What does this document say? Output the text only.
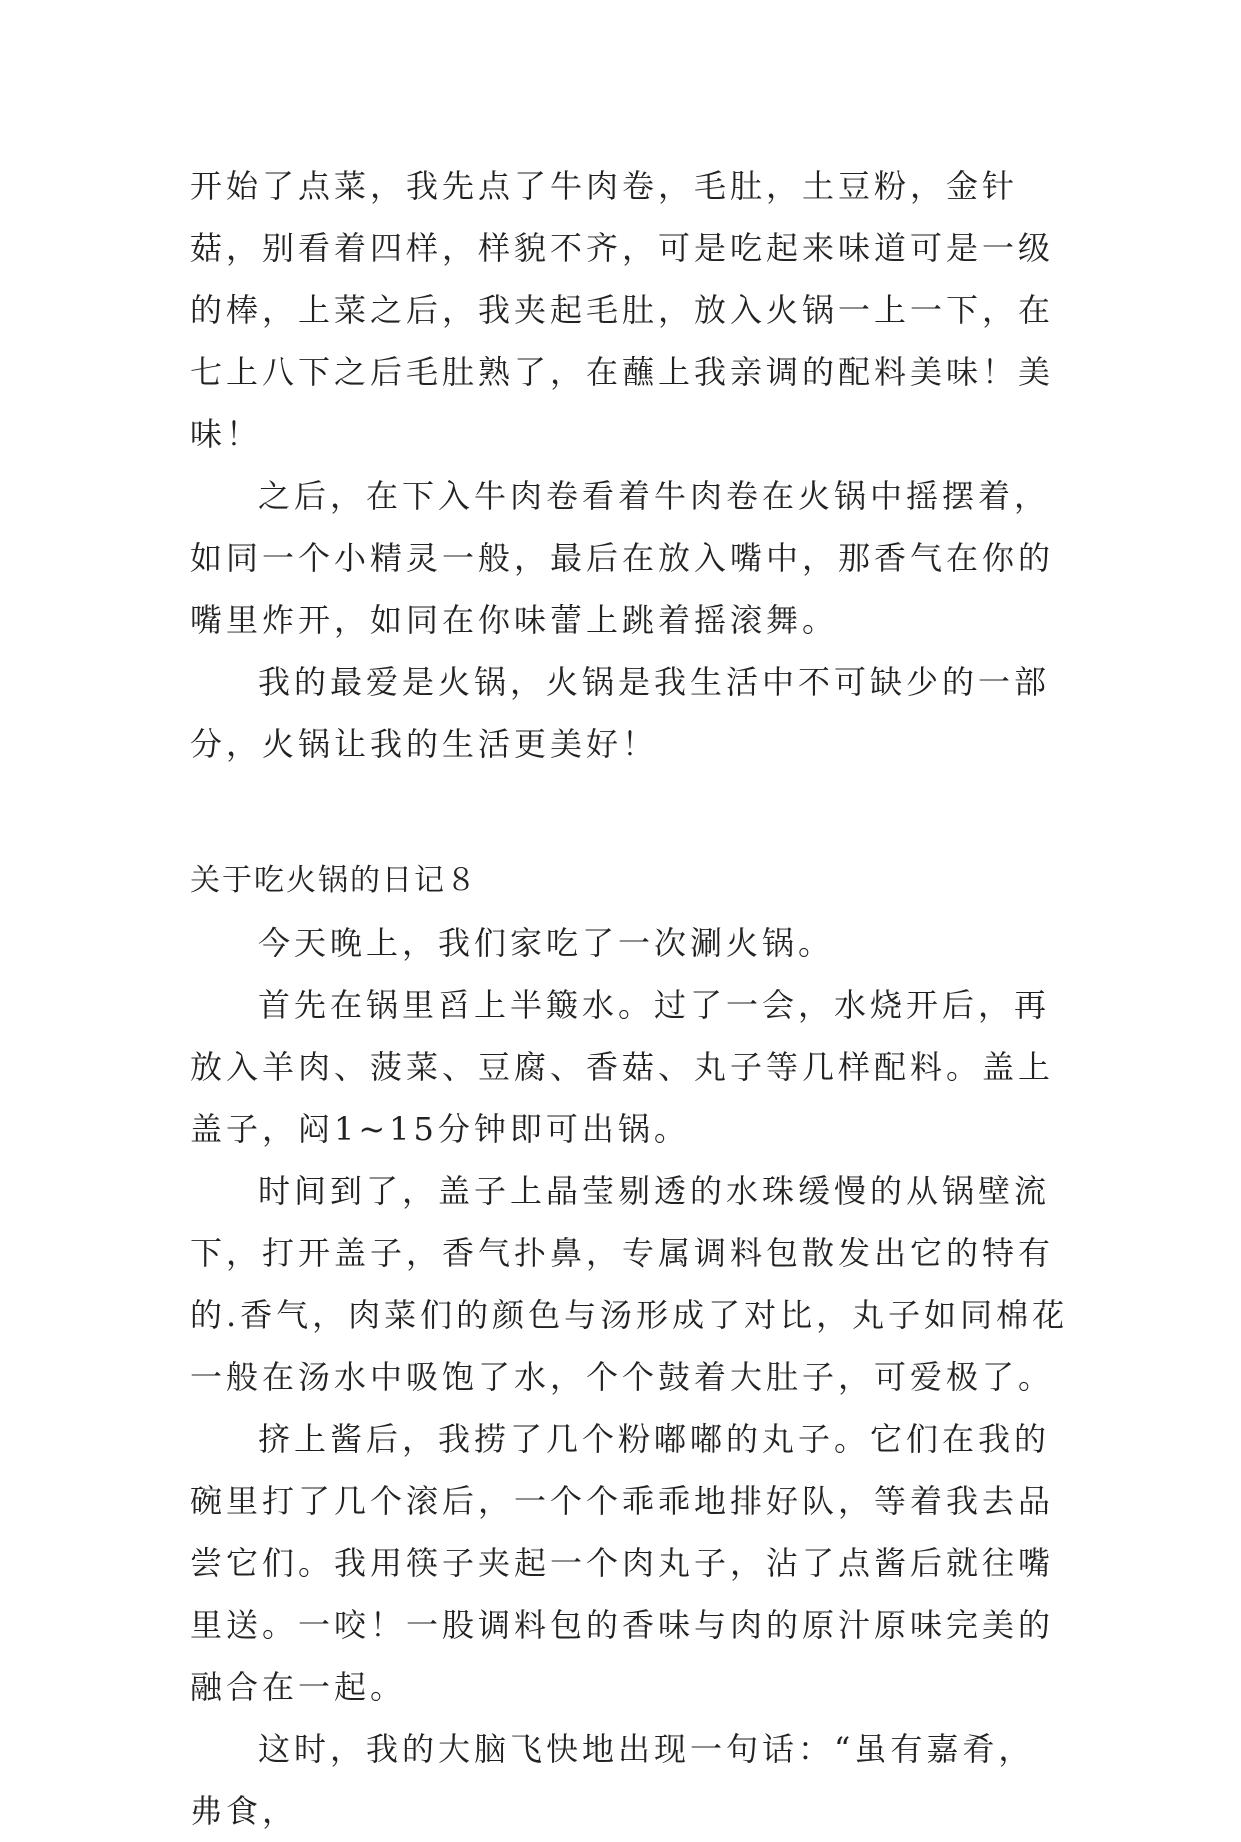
开始了点菜，我先点了牛肉卷，毛肚，土豆粉，金针菇，别看着四样，样貌不齐，可是吃起来味道可是一级的棒，上菜之后，我夹起毛肚，放入火锅一上一下，在七上八下之后毛肚熟了，在蘸上我亲调的配料美味！美味！

之后，在下入牛肉卷看着牛肉卷在火锅中摇摆着，如同一个小精灵一般，最后在放入嘴中，那香气在你的嘴里炸开，如同在你味蕾上跳着摇滚舞。

我的最爱是火锅，火锅是我生活中不可缺少的一部分，火锅让我的生活更美好！

关于吃火锅的日记８

今天晚上，我们家吃了一次涮火锅。

首先在锅里舀上半簸水。过了一会，水烧开后，再放入羊肉、菠菜、豆腐、香菇、丸子等几样配料。盖上盖子，闷1~15分钟即可出锅。

时间到了，盖子上晶莹剔透的水珠缓慢的从锅壁流下，打开盖子，香气扑鼻，专属调料包散发出它的特有的.香气，肉菜们的颜色与汤形成了对比，丸子如同棉花一般在汤水中吸饱了水，个个鼓着大肚子，可爱极了。

挤上酱后，我捞了几个粉嘟嘟的丸子。它们在我的碗里打了几个滚后，一个个乖乖地排好队，等着我去品尝它们。我用筷子夹起一个肉丸子，沾了点酱后就往嘴里送。一咬！一股调料包的香味与肉的原汁原味完美的融合在一起。

这时，我的大脑飞快地出现一句话：“虽有嘉肴，弗食，
